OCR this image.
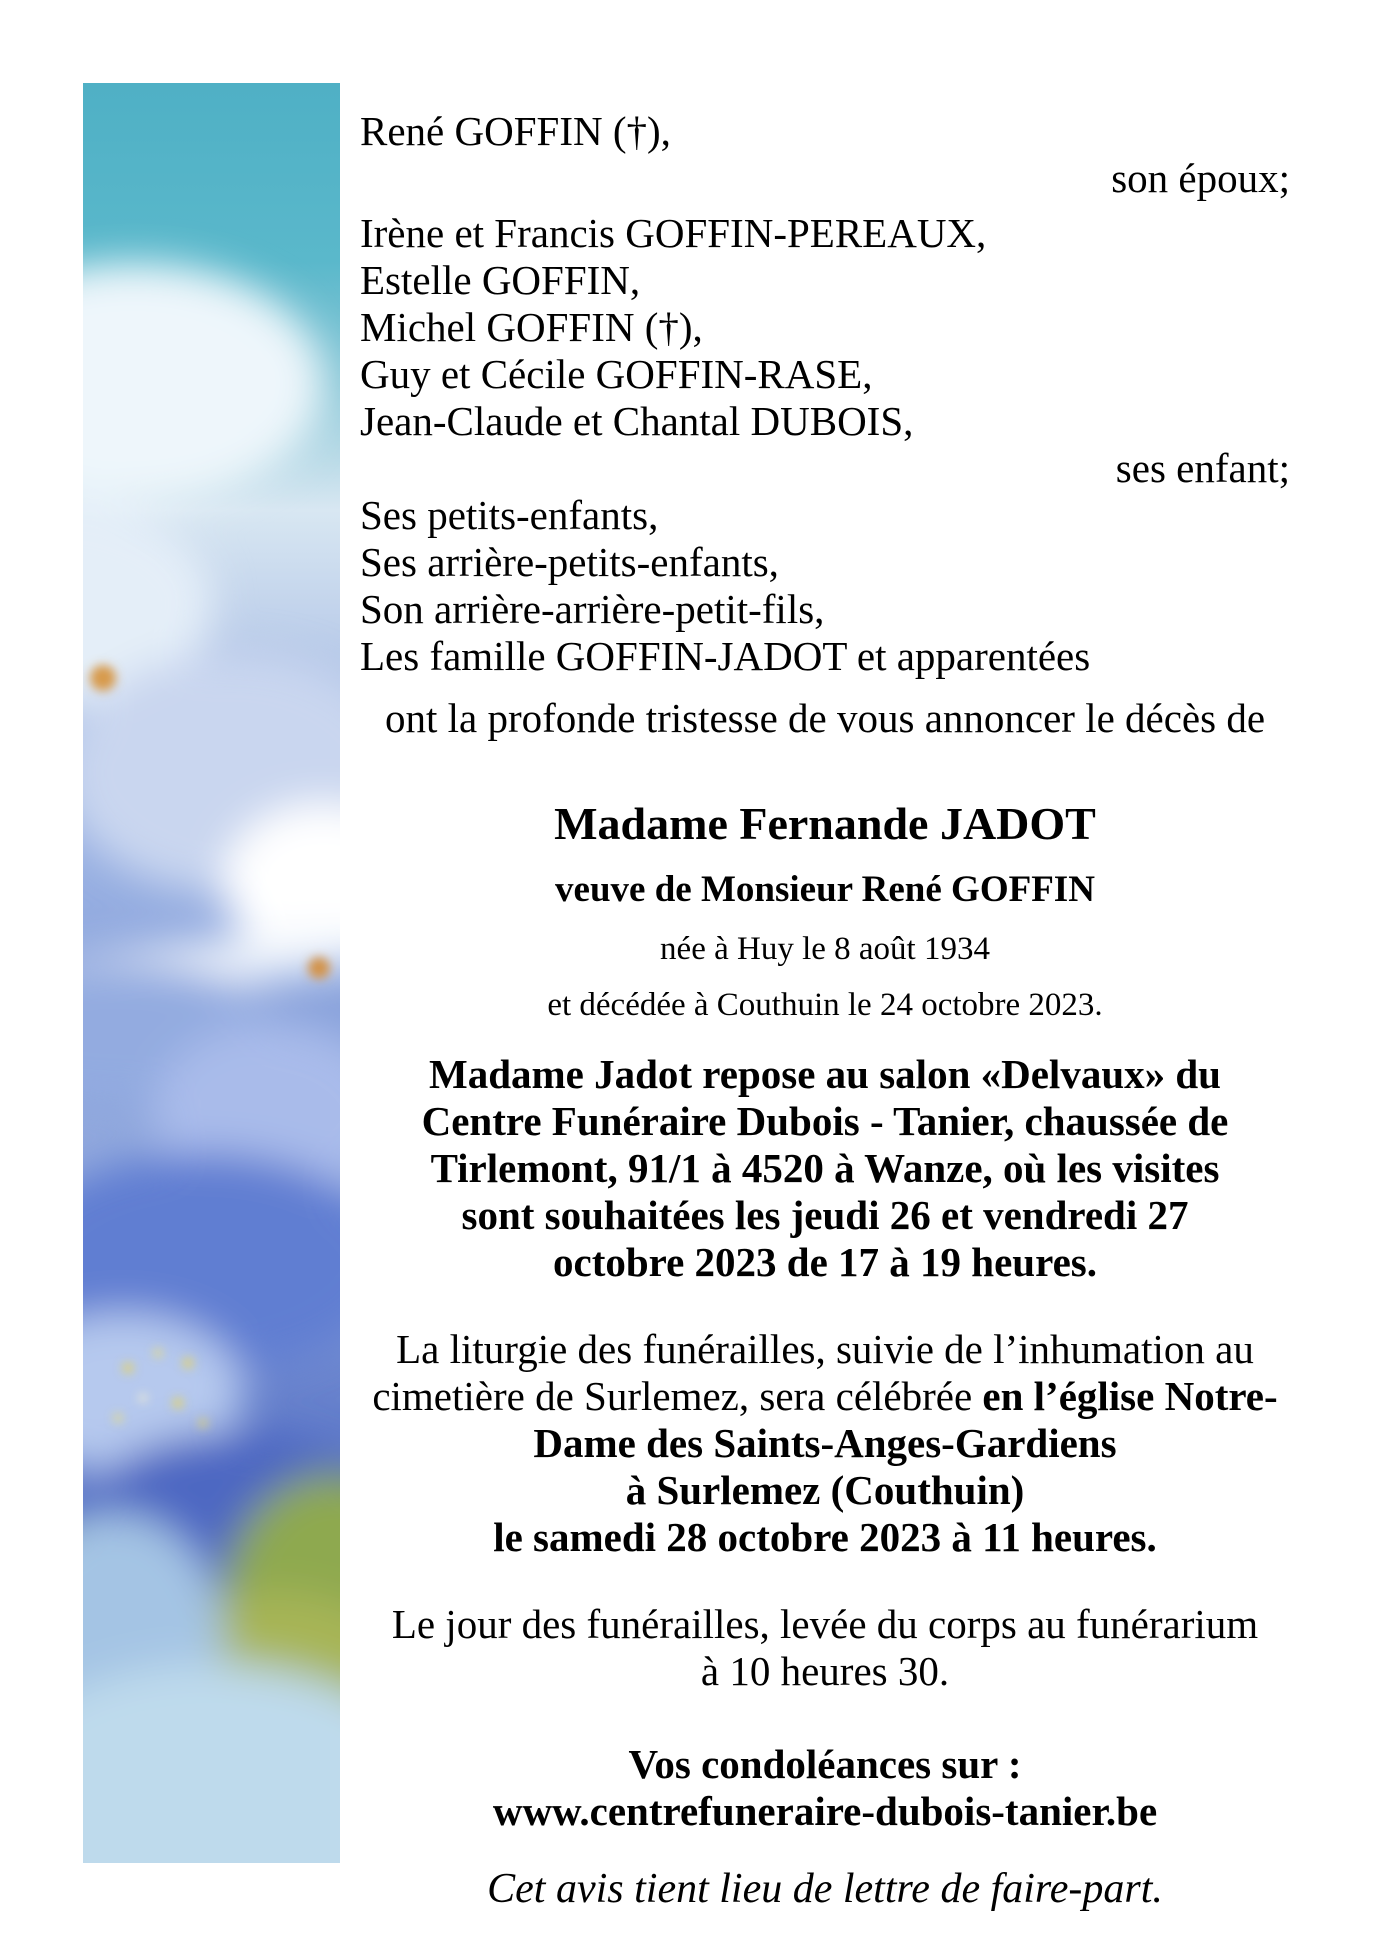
René GOFFIN (†),
son époux;
Irène et Francis GOFFIN-PEREAUX,
Estelle GOFFIN,
Michel GOFFIN (†),
Guy et Cécile GOFFIN-RASE,
Jean-Claude et Chantal DUBOIS,
ses enfant;
Ses petits-enfants,
Ses arrière-petits-enfants,
Son arrière-arrière-petit-fils,
Les famille GOFFIN-JADOT et apparentées
ont la profonde tristesse de vous annoncer le décès de
Madame Fernande JADOT
veuve de Monsieur René GOFFIN
née à Huy le 8 août 1934
et décédée à Couthuin le 24 octobre 2023.
Madame Jadot repose au salon «Delvaux» du
Centre Funéraire Dubois - Tanier, chaussée de
Tirlemont, 91/1 à 4520 à Wanze, où les visites
sont souhaitées les jeudi 26 et vendredi 27
octobre 2023 de 17 à 19 heures.
La liturgie des funérailles, suivie de l’inhumation au
cimetière de Surlemez, sera célébrée en l’église Notre-
Dame des Saints-Anges-Gardiens
à Surlemez (Couthuin)
le samedi 28 octobre 2023 à 11 heures.
Le jour des funérailles, levée du corps au funérarium
à 10 heures 30.
Vos condoléances sur :
www.centrefuneraire-dubois-tanier.be
Cet avis tient lieu de lettre de faire-part.
